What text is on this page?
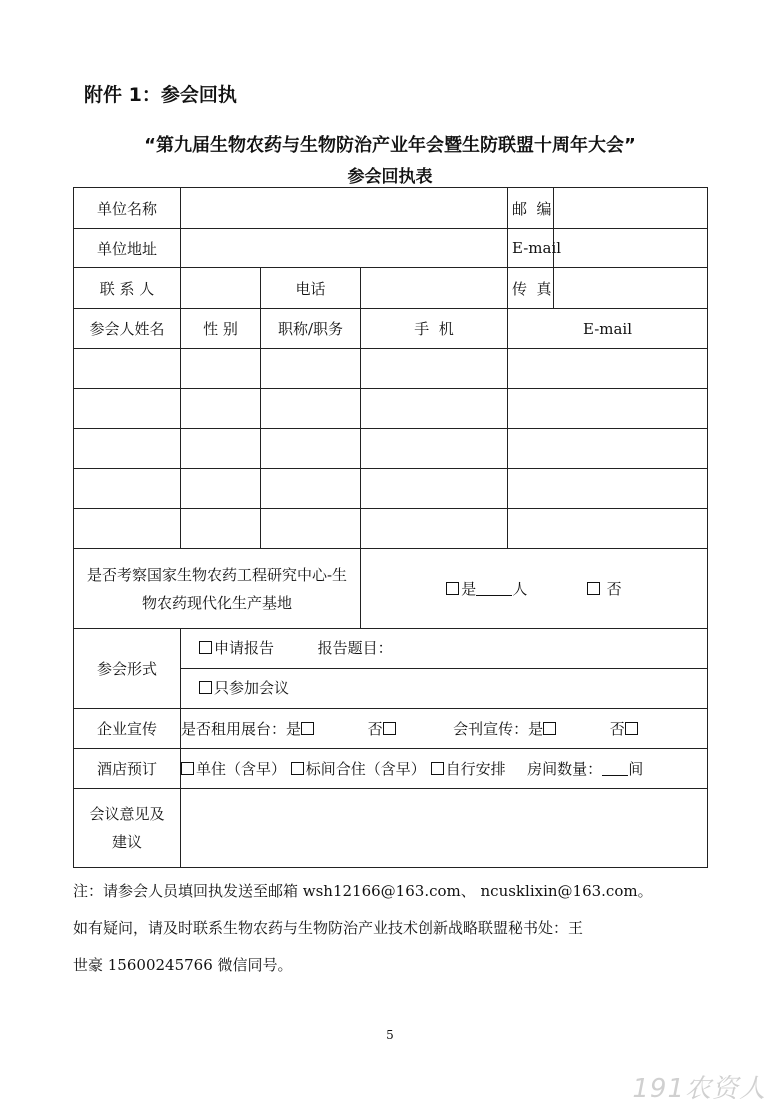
附件 1：参会回执
“第九届生物农药与生物防治产业年会暨生防联盟十周年大会”
参会回执表
单位名称				邮  编	
单位地址				E-mail	
联 系 人		电话		传  真	
参会人姓名	性 别	职称/职务	手  机	E-mail	

是否考察国家生物农药工程研究中心-生物农药现代化生产基地			是 人 否		
参会形式	申请报告 报告题目：
只参加会议				

企业宣传	是否租用展台：是 否 会刊宣传：是 否				
酒店预订	单住（含早） 标间合住（含早） 自行安排 房间数量： 间				
会议意见及建议					
注：请参会人员填回执发送至邮箱 wsh12166@163.com、 ncusklixin@163.com。
如有疑问，请及时联系生物农药与生物防治产业技术创新战略联盟秘书处：王
世豪 15600245766 微信同号。
5
191农资人
